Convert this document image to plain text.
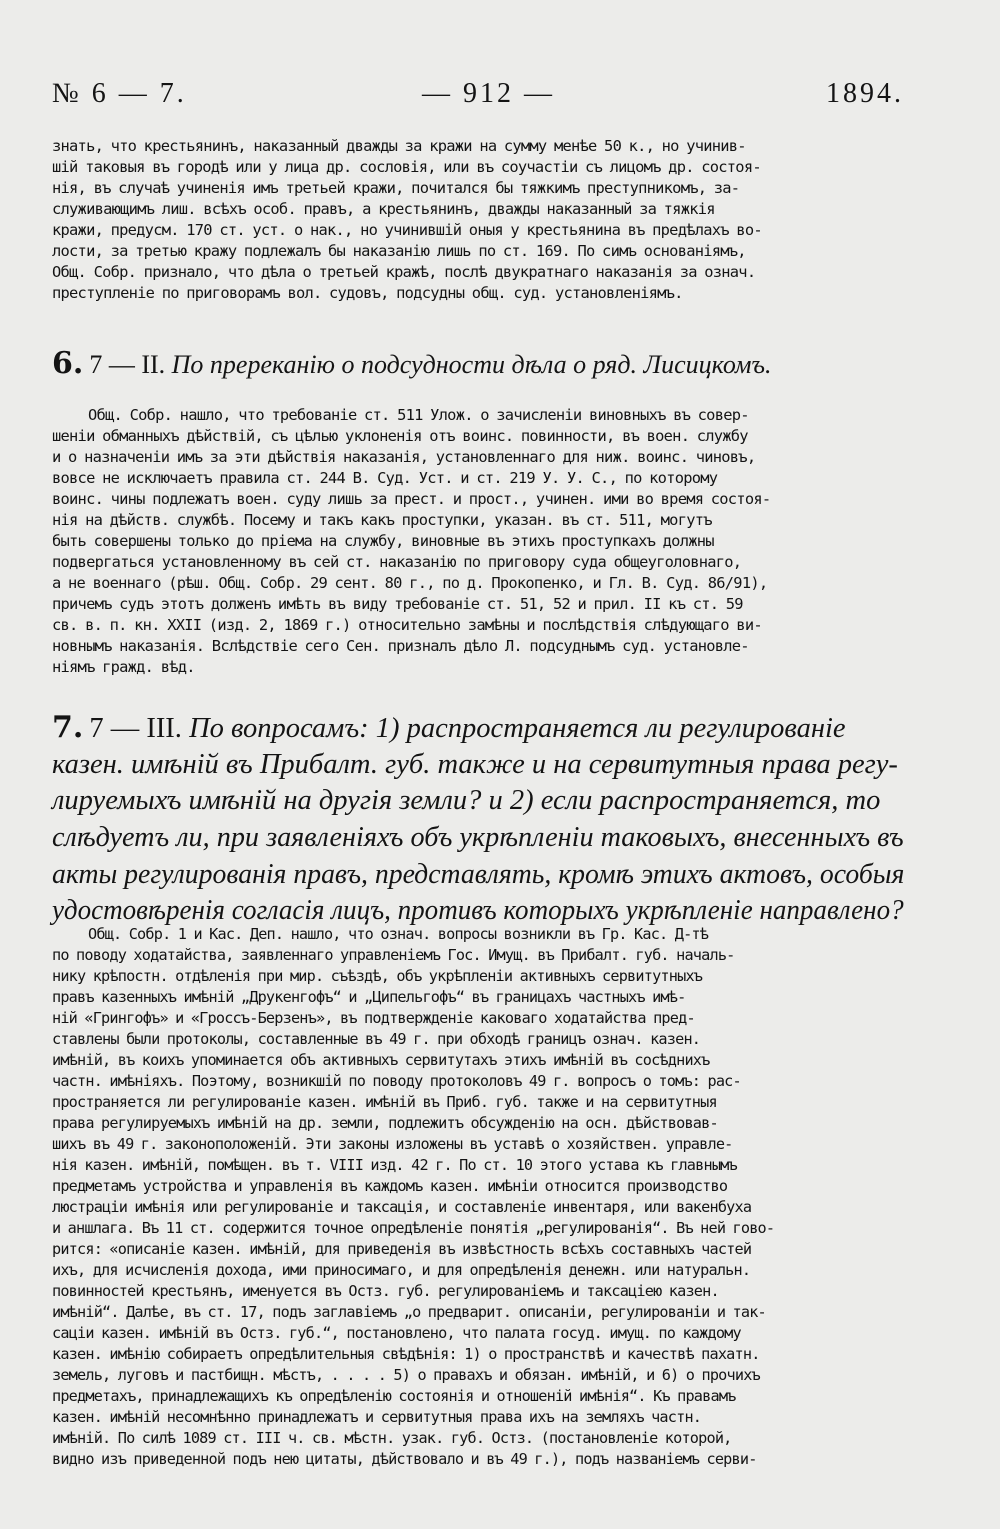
№ 6 — 7.	— 912 —	1894.
знать, что крестьянинъ, наказанный дважды за кражи на сумму менѣе 50 к., но учинив-
шій таковыя въ городѣ или у лица др. сословія, или въ соучастіи съ лицомъ др. состоя-
нія, въ случаѣ учиненія имъ третьей кражи, почитался бы тяжкимъ преступникомъ, за-
служивающимъ лиш. всѣхъ особ. правъ, а крестьянинъ, дважды наказанный за тяжкія
кражи, предусм. 170 ст. уст. о нак., но учинившій оныя у крестьянина въ предѣлахъ во-
лости, за третью кражу подлежалъ бы наказанію лишь по ст. 169. По симъ основаніямъ,
Общ. Собр. признало, что дѣла о третьей кражѣ, послѣ двукратнаго наказанія за означ.
преступленіе по приговорамъ вол. судовъ, подсудны общ. суд. установленіямъ.
6. 7 — II. По пререканію о подсудности дѣла о ряд. Лисицкомъ.
Общ. Собр. нашло, что требованіе ст. 511 Улож. о зачисленіи виновныхъ въ совер-
шеніи обманныхъ дѣйствій, съ цѣлью уклоненія отъ воинс. повинности, въ воен. службу
и о назначеніи имъ за эти дѣйствія наказанія, установленнаго для ниж. воинс. чиновъ,
вовсе не исключаетъ правила ст. 244 В. Суд. Уст. и ст. 219 У. У. С., по которому
воинс. чины подлежатъ воен. суду лишь за прест. и прост., учинен. ими во время состоя-
нія на дѣйств. службѣ. Посему и такъ какъ проступки, указан. въ ст. 511, могутъ
быть совершены только до пріема на службу, виновные въ этихъ проступкахъ должны
подвергаться установленному въ сей ст. наказанію по приговору суда общеуголовнаго,
а не военнаго (рѣш. Общ. Собр. 29 сент. 80 г., по д. Прокопенко, и Гл. В. Суд. 86/91),
причемъ судъ этотъ долженъ имѣть въ виду требованіе ст. 51, 52 и прил. II къ ст. 59
св. в. п. кн. XXII (изд. 2, 1869 г.) относительно замѣны и послѣдствія слѣдующаго ви-
новнымъ наказанія. Вслѣдствіе сего Сен. призналъ дѣло Л. подсуднымъ суд. установле-
ніямъ гражд. вѣд.
7. 7 — III. По вопросамъ: 1) распространяется ли регулированіе
казен. имѣній въ Прибалт. губ. также и на сервитутныя права регу-
лируемыхъ имѣній на другія земли? и 2) если распространяется, то
слѣдуетъ ли, при заявленіяхъ объ укрѣпленіи таковыхъ, внесенныхъ въ
акты регулированія правъ, представлять, кромѣ этихъ актовъ, особыя
удостовѣренія согласія лицъ, противъ которыхъ укрѣпленіе направлено?
Общ. Собр. 1 и Кас. Деп. нашло, что означ. вопросы возникли въ Гр. Кас. Д-тѣ
по поводу ходатайства, заявленнаго управленіемъ Гос. Имущ. въ Прибалт. губ. началь-
нику крѣпостн. отдѣленія при мир. съѣздѣ, объ укрѣпленіи активныхъ сервитутныхъ
правъ казенныхъ имѣній „Друкенгофъ“ и „Ципельгофъ“ въ границахъ частныхъ имѣ-
ній «Грингофъ» и «Гроссъ-Берзенъ», въ подтвержденіе каковаго ходатайства пред-
ставлены были протоколы, составленные въ 49 г. при обходѣ границъ означ. казен.
имѣній, въ коихъ упоминается объ активныхъ сервитутахъ этихъ имѣній въ сосѣднихъ
частн. имѣніяхъ. Поэтому, возникшій по поводу протоколовъ 49 г. вопросъ о томъ: рас-
пространяется ли регулированіе казен. имѣній въ Приб. губ. также и на сервитутныя
права регулируемыхъ имѣній на др. земли, подлежитъ обсужденію на осн. дѣйствовав-
шихъ въ 49 г. законоположеній. Эти законы изложены въ уставѣ о хозяйствен. управле-
нія казен. имѣній, помѣщен. въ т. VIII изд. 42 г. По ст. 10 этого устава къ главнымъ
предметамъ устройства и управленія въ каждомъ казен. имѣніи относится производство
люстраціи имѣнія или регулированіе и таксація, и составленіе инвентаря, или вакенбуха
и аншлага. Въ 11 ст. содержится точное опредѣленіе понятія „регулированія“. Въ ней гово-
рится: «описаніе казен. имѣній, для приведенія въ извѣстность всѣхъ составныхъ частей
ихъ, для исчисленія дохода, ими приносимаго, и для опредѣленія денежн. или натуральн.
повинностей крестьянъ, именуется въ Остз. губ. регулированіемъ и таксаціею казен.
имѣній“. Далѣе, въ ст. 17, подъ заглавіемъ „о предварит. описаніи, регулированіи и так-
саціи казен. имѣній въ Остз. губ.“, постановлено, что палата госуд. имущ. по каждому
казен. имѣнію собираетъ опредѣлительныя свѣдѣнія: 1) о пространствѣ и качествѣ пахатн.
земель, луговъ и пастбищн. мѣстъ, . . . . 5) о правахъ и обязан. имѣній, и 6) о прочихъ
предметахъ, принадлежащихъ къ опредѣленію состоянія и отношеній имѣнія“. Къ правамъ
казен. имѣній несомнѣнно принадлежатъ и сервитутныя права ихъ на земляхъ частн.
имѣній. По силѣ 1089 ст. III ч. св. мѣстн. узак. губ. Остз. (постановленіе которой,
видно изъ приведенной подъ нею цитаты, дѣйствовало и въ 49 г.), подъ названіемъ серви-
